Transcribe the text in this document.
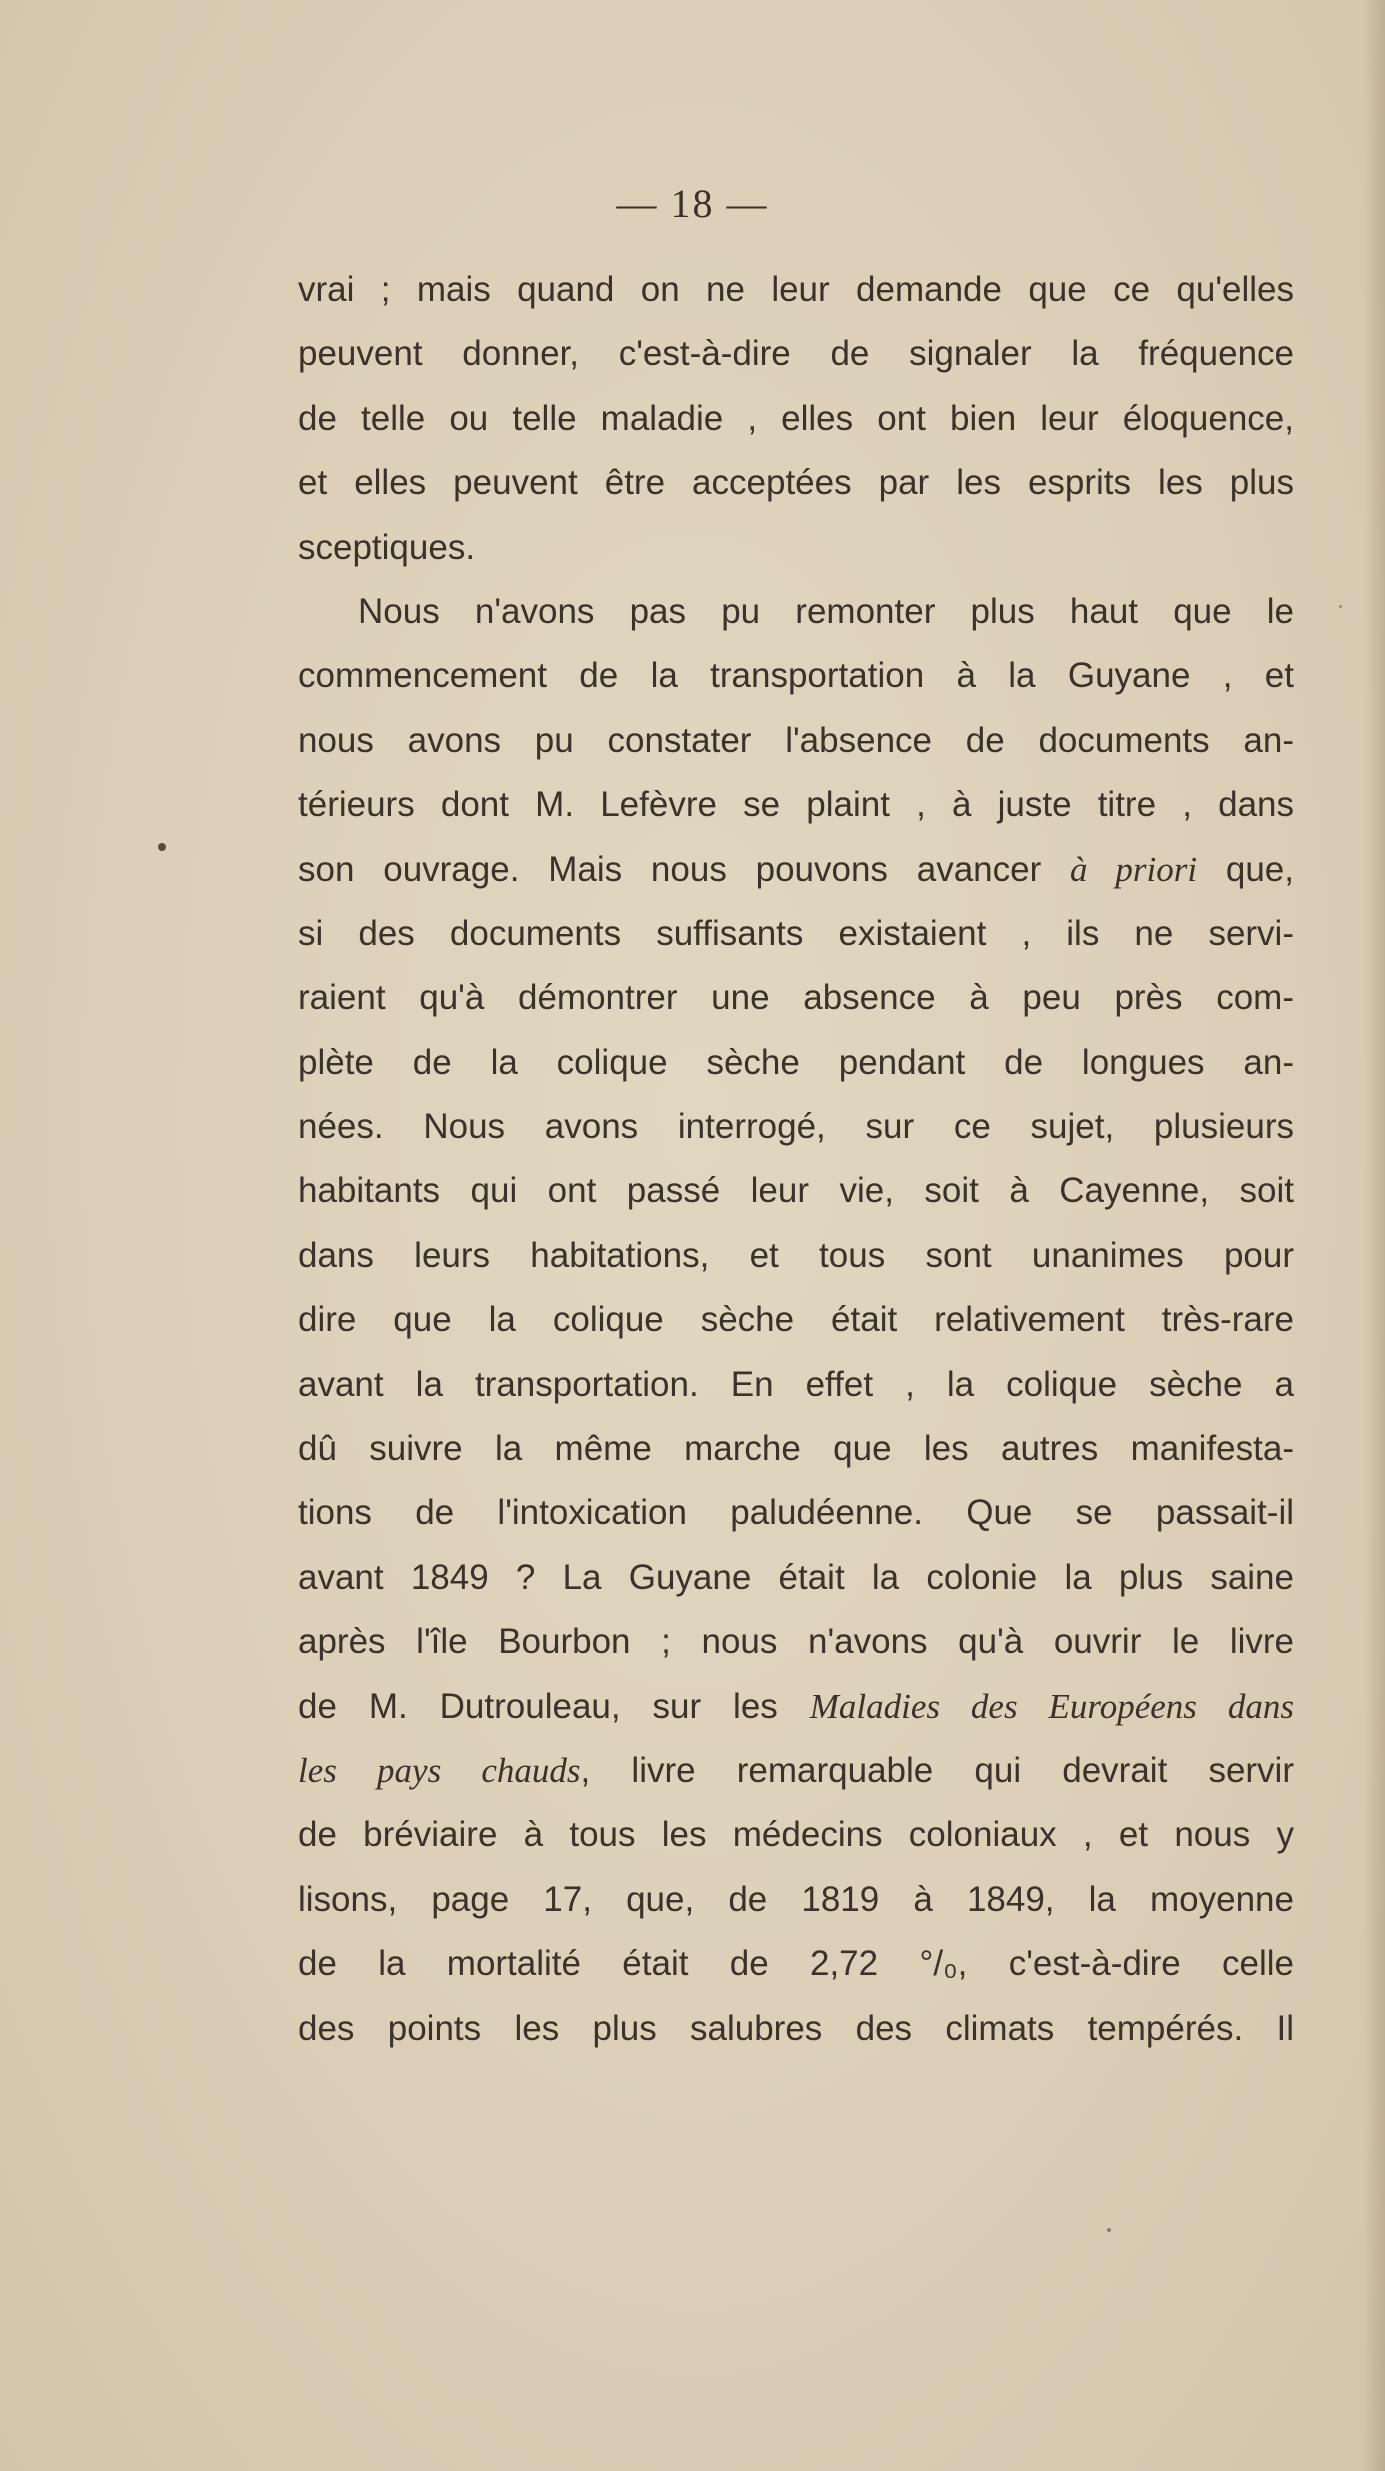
— 18 —
vrai ; mais quand on ne leur demande que ce qu'elles
peuvent donner, c'est-à-dire de signaler la fréquence
de telle ou telle maladie , elles ont bien leur éloquence,
et elles peuvent être acceptées par les esprits les plus
sceptiques.
Nous n'avons pas pu remonter plus haut que le
commencement de la transportation à la Guyane , et
nous avons pu constater l'absence de documents an-
térieurs dont M. Lefèvre se plaint , à juste titre , dans
son ouvrage. Mais nous pouvons avancer à priori que,
si des documents suffisants existaient , ils ne servi-
raient qu'à démontrer une absence à peu près com-
plète de la colique sèche pendant de longues an-
nées. Nous avons interrogé, sur ce sujet, plusieurs
habitants qui ont passé leur vie, soit à Cayenne, soit
dans leurs habitations, et tous sont unanimes pour
dire que la colique sèche était relativement très-rare
avant la transportation. En effet , la colique sèche a
dû suivre la même marche que les autres manifesta-
tions de l'intoxication paludéenne. Que se passait-il
avant 1849 ? La Guyane était la colonie la plus saine
après l'île Bourbon ; nous n'avons qu'à ouvrir le livre
de M. Dutrouleau, sur les Maladies des Européens dans
les pays chauds, livre remarquable qui devrait servir
de bréviaire à tous les médecins coloniaux , et nous y
lisons, page 17, que, de 1819 à 1849, la moyenne
de la mortalité était de 2,72 °/₀, c'est-à-dire celle
des points les plus salubres des climats tempérés. Il
